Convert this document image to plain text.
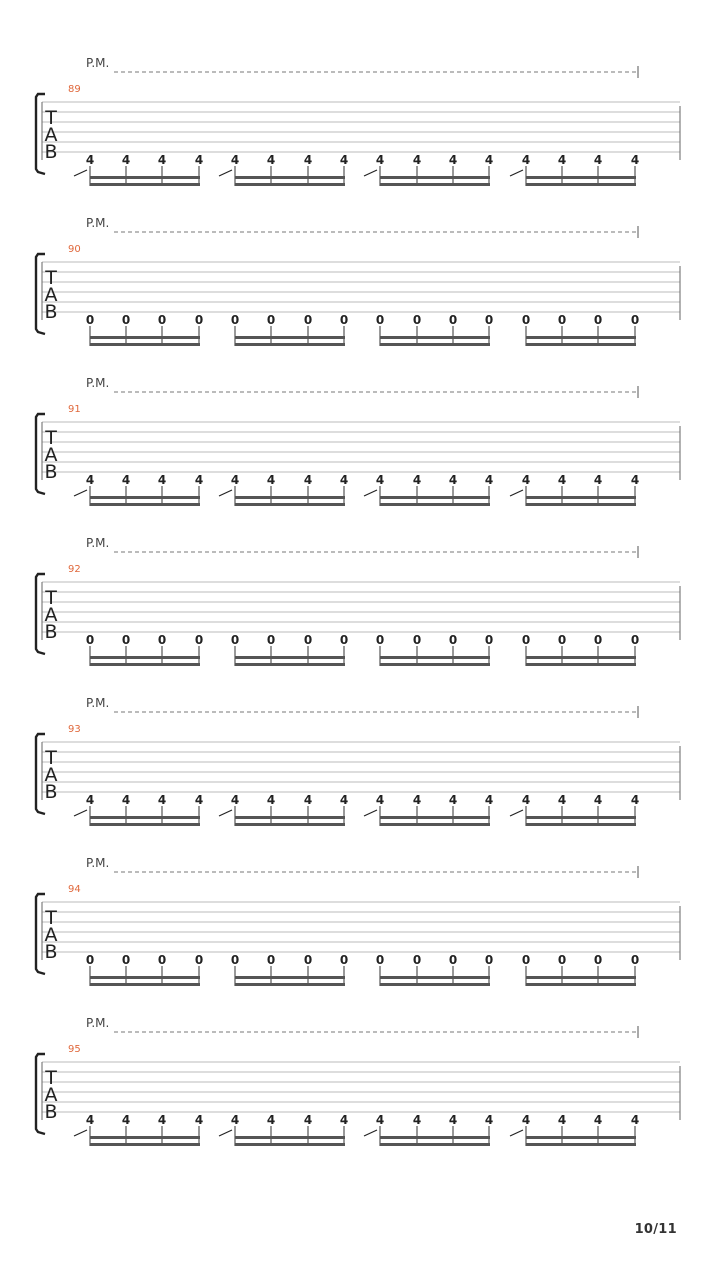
P.M.
89
T
A
B 4 4 4 4 4 4 4 4 4 4 4 4 4 4 4 4
P.M.
90
T
A
B 0 0 0 0 0 0 0 0 0 0 0 0 0 0 0 0
P.M.
91
T
A
B 4 4 4 4 4 4 4 4 4 4 4 4 4 4 4 4
P.M.
92
T
A
B 0 0 0 0 0 0 0 0 0 0 0 0 0 0 0 0
P.M.
93
T
A
B 4 4 4 4 4 4 4 4 4 4 4 4 4 4 4 4
P.M.
94
T
A
B 0 0 0 0 0 0 0 0 0 0 0 0 0 0 0 0
P.M.
95
T
A
B 4 4 4 4 4 4 4 4 4 4 4 4 4 4 4 4
10/11
